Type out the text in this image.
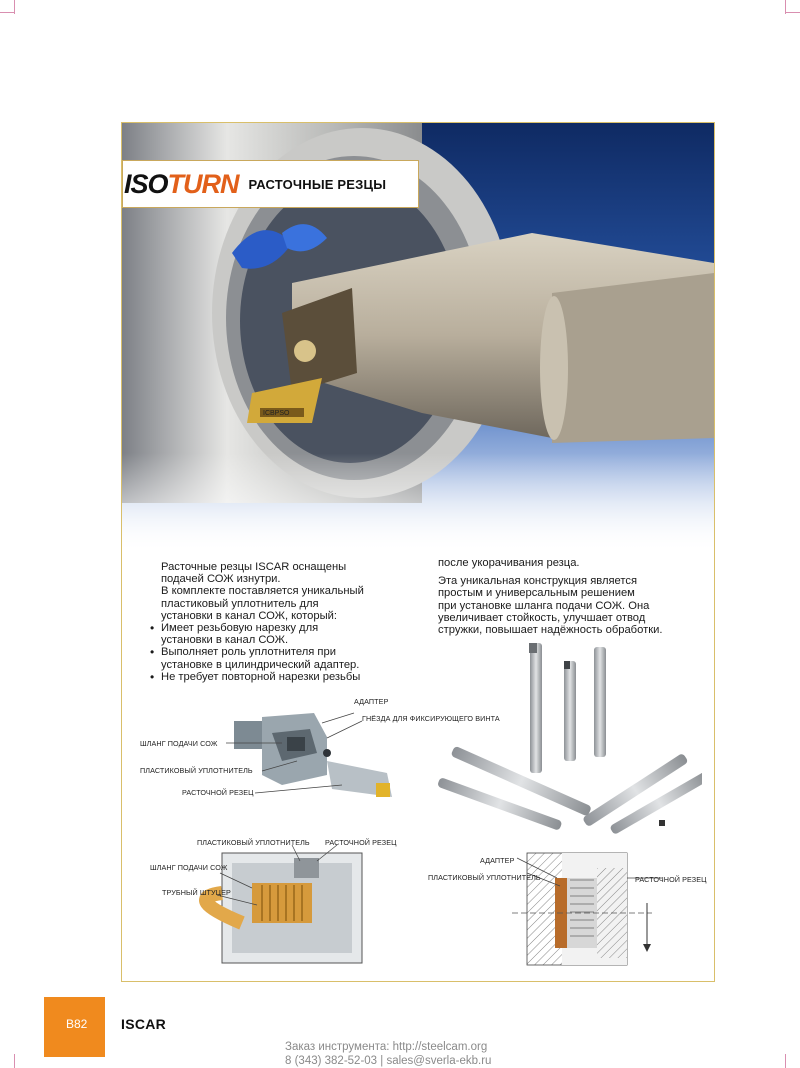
ICBPSO
ISO TURN РАСТОЧНЫЕ РЕЗЦЫ

Расточные резцы ISCAR оснащены

подачей СОЖ изнутри.

В комплекте поставляется уникальный

пластиковый уплотнитель для

установки в канал СОЖ, который:

• Имеет резьбовую нарезку для

установки в канал СОЖ.

• Выполняет роль уплотнителя при

установке в цилиндрический адаптер.

• Не требует повторной нарезки резьбы

после укорачивания резца.

Эта уникальная конструкция является

простым и универсальным решением

при установке шланга подачи СОЖ. Она

увеличивает стойкость, улучшает отвод

стружки, повышает надёжность обработки.

АДАПТЕР
ГНЁЗДА ДЛЯ ФИКСИРУЮЩЕГО ВИНТА
ШЛАНГ ПОДАЧИ СОЖ
ПЛАСТИКОВЫЙ УПЛОТНИТЕЛЬ
РАСТОЧНОЙ РЕЗЕЦ
ПЛАСТИКОВЫЙ УПЛОТНИТЕЛЬ РАСТОЧНОЙ РЕЗЕЦ
ШЛАНГ ПОДАЧИ СОЖ
ТРУБНЫЙ ШТУЦЕР
АДАПТЕР
ПЛАСТИКОВЫЙ УПЛОТНИТЕЛЬ	РАСТОЧНОЙ РЕЗЕЦ
B82 ISCAR
Заказ инструмента: http://steelcam.org
8 (343) 382-52-03 | sales@sverla-ekb.ru
